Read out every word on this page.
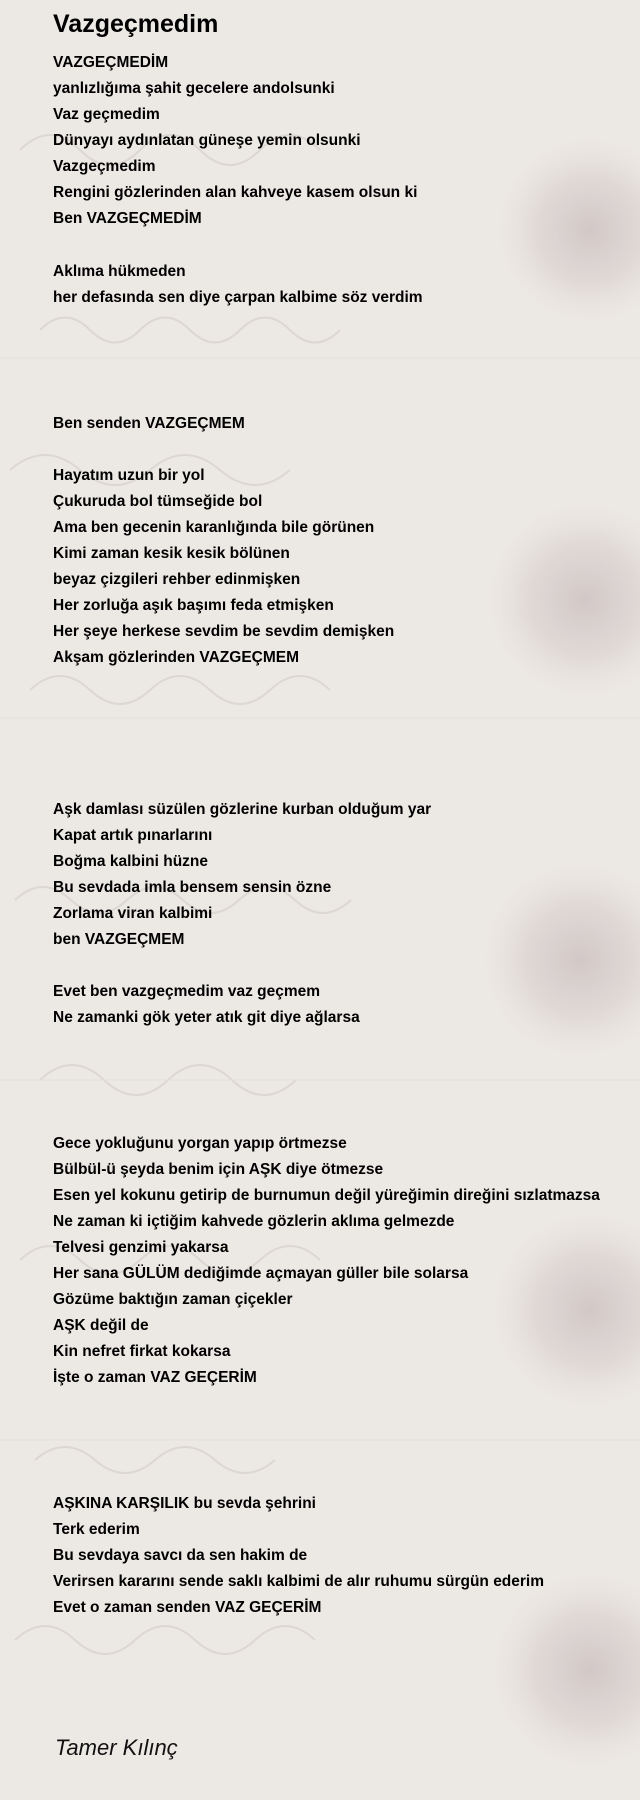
Vazgeçmedim
VAZGEÇMEDİM
yanlızlığıma şahit gecelere andolsunki
Vaz geçmedim
Dünyayı aydınlatan güneşe yemin olsunki
Vazgeçmedim
Rengini gözlerinden alan kahveye kasem olsun ki
Ben VAZGEÇMEDİM
Aklıma hükmeden
her defasında sen diye çarpan kalbime söz verdim
Ben senden VAZGEÇMEM
Hayatım uzun bir yol
Çukuruda bol tümseğide bol
Ama ben gecenin karanlığında bile görünen
Kimi zaman kesik kesik bölünen
beyaz çizgileri rehber edinmişken
Her zorluğa aşık başımı feda etmişken
Her şeye herkese sevdim be sevdim demişken
Akşam gözlerinden VAZGEÇMEM
Aşk damlası süzülen gözlerine kurban olduğum yar
Kapat artık pınarlarını
Boğma kalbini hüzne
Bu sevdada imla bensem sensin özne
Zorlama viran kalbimi
ben VAZGEÇMEM
Evet ben vazgeçmedim vaz geçmem
Ne zamanki gök yeter atık git diye ağlarsa
Gece yokluğunu yorgan yapıp örtmezse
Bülbül-ü şeyda benim için AŞK diye ötmezse
Esen yel kokunu getirip de burnumun değil yüreğimin direğini sızlatmazsa
Ne zaman ki içtiğim kahvede gözlerin aklıma gelmezde
Telvesi genzimi yakarsa
Her sana GÜLÜM dediğimde açmayan güller bile solarsa
Gözüme baktığın zaman çiçekler
AŞK değil de
Kin nefret firkat kokarsa
İşte o zaman VAZ GEÇERİM
AŞKINA KARŞILIK bu sevda şehrini
Terk ederim
Bu sevdaya savcı da sen hakim de
Verirsen kararını sende saklı kalbimi de alır ruhumu sürgün ederim
Evet o zaman senden VAZ GEÇERİM

Tamer Kılınç
